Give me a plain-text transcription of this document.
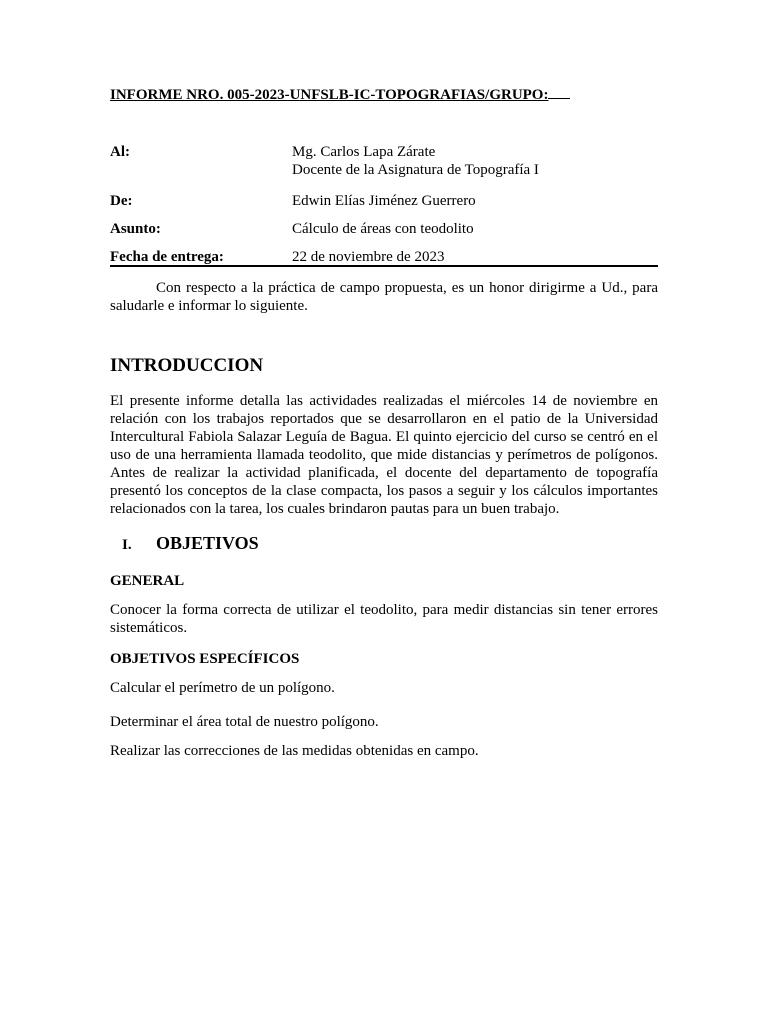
INFORME NRO. 005-2023-UNFSLB-IC-TOPOGRAFIAS/GRUPO:
Al:	Mg. Carlos Lapa Zárate
Docente de la Asignatura de Topografía I
De:	Edwin Elías Jiménez Guerrero
Asunto:	Cálculo de áreas con teodolito
Fecha de entrega:	22 de noviembre de 2023
Con respecto a la práctica de campo propuesta, es un honor dirigirme a Ud., para saludarle e informar lo siguiente.
INTRODUCCION
El presente informe detalla las actividades realizadas el miércoles 14 de noviembre en relación con los trabajos reportados que se desarrollaron en el patio de la Universidad Intercultural Fabiola Salazar Leguía de Bagua. El quinto ejercicio del curso se centró en el uso de una herramienta llamada teodolito, que mide distancias y perímetros de polígonos. Antes de realizar la actividad planificada, el docente del departamento de topografía presentó los conceptos de la clase compacta, los pasos a seguir y los cálculos importantes relacionados con la tarea, los cuales brindaron pautas para un buen trabajo.
I. OBJETIVOS
GENERAL
Conocer la forma correcta de utilizar el teodolito, para medir distancias sin tener errores sistemáticos.
OBJETIVOS ESPECÍFICOS
Calcular el perímetro de un polígono.
Determinar el área total de nuestro polígono.
Realizar las correcciones de las medidas obtenidas en campo.
